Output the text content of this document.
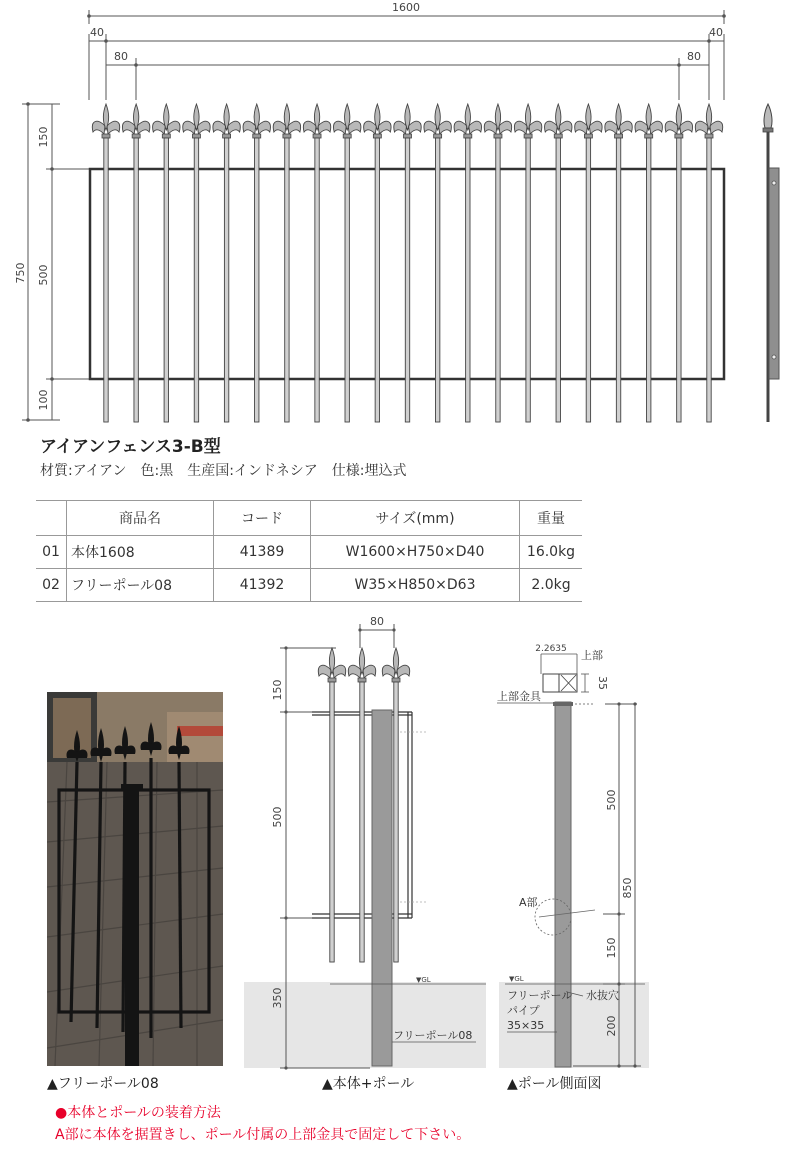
1600
40	40
80	80
750
150
500
100
アイアンフェンス3-B型
材質:アイアン　色:黒　生産国:インドネシア　仕様:埋込式
	商品名	コード	サイズ(mm)	重量
01	本体1608	41389	W1600×H750×D40	16.0kg
02	フリーポール08	41392	W35×H850×D63	2.0kg
80
150
500
350
▼GL
フリーポール08
2.2635 上部
35
上部金具
500
850
150
200
A部
▼GL
フリーポール
パイプ
35×35
水抜穴
▲フリーポール08	▲本体+ポール	▲ポール側面図
●本体とポールの装着方法
A部に本体を据置きし、ポール付属の上部金具で固定して下さい。
